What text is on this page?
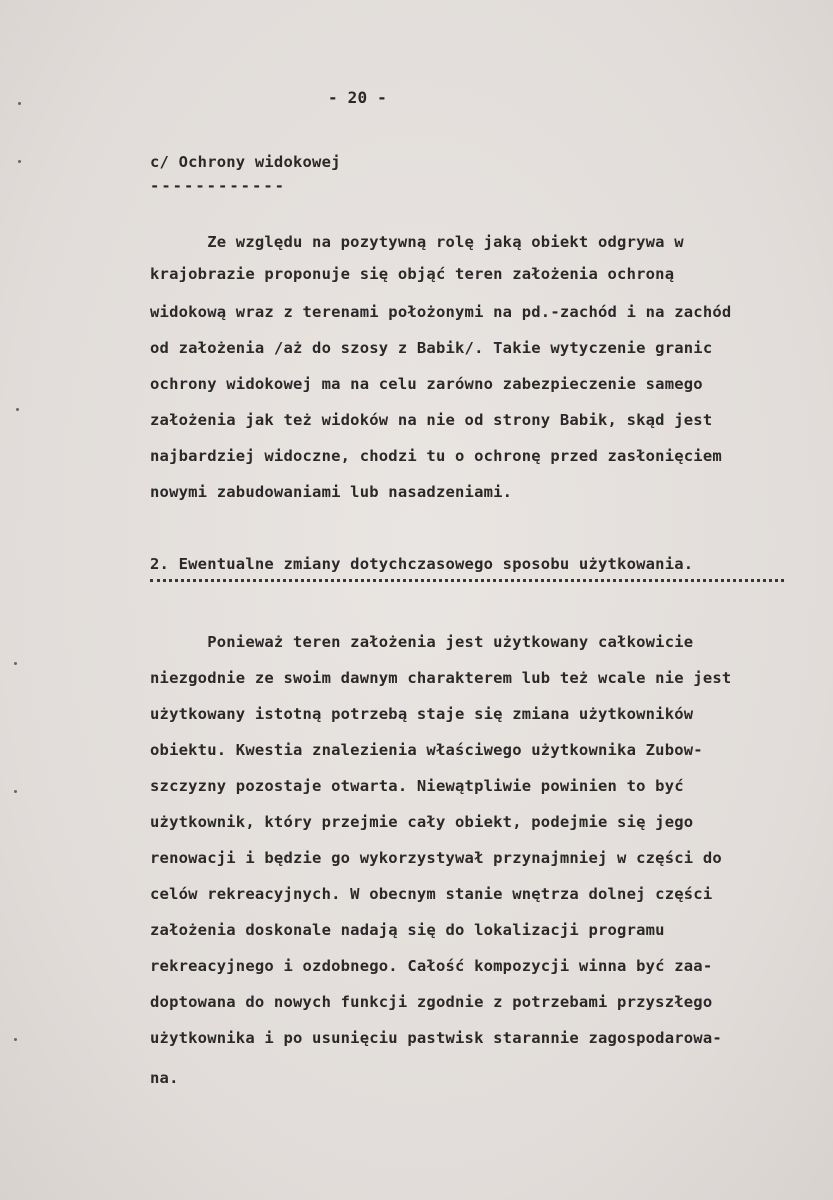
- 20 -
c/ Ochrony widokowej
------------
Ze względu na pozytywną rolę jaką obiekt odgrywa w
krajobrazie proponuje się objąć teren założenia ochroną
widokową wraz z terenami położonymi na pd.-zachód i na zachód
od założenia /aż do szosy z Babik/. Takie wytyczenie granic
ochrony widokowej ma na celu zarówno zabezpieczenie samego
założenia jak też widoków na nie od strony Babik, skąd jest
najbardziej widoczne, chodzi tu o ochronę przed zasłonięciem
nowymi zabudowaniami lub nasadzeniami.
2. Ewentualne zmiany dotychczasowego sposobu użytkowania.
Ponieważ teren założenia jest użytkowany całkowicie
niezgodnie ze swoim dawnym charakterem lub też wcale nie jest
użytkowany istotną potrzebą staje się zmiana użytkowników
obiektu. Kwestia znalezienia właściwego użytkownika Zubow-
szczyzny pozostaje otwarta. Niewątpliwie powinien to być
użytkownik, który przejmie cały obiekt, podejmie się jego
renowacji i będzie go wykorzystywał przynajmniej w części do
celów rekreacyjnych. W obecnym stanie wnętrza dolnej części
założenia doskonale nadają się do lokalizacji programu
rekreacyjnego i ozdobnego. Całość kompozycji winna być zaa-
doptowana do nowych funkcji zgodnie z potrzebami przyszłego
użytkownika i po usunięciu pastwisk starannie zagospodarowa-
na.
